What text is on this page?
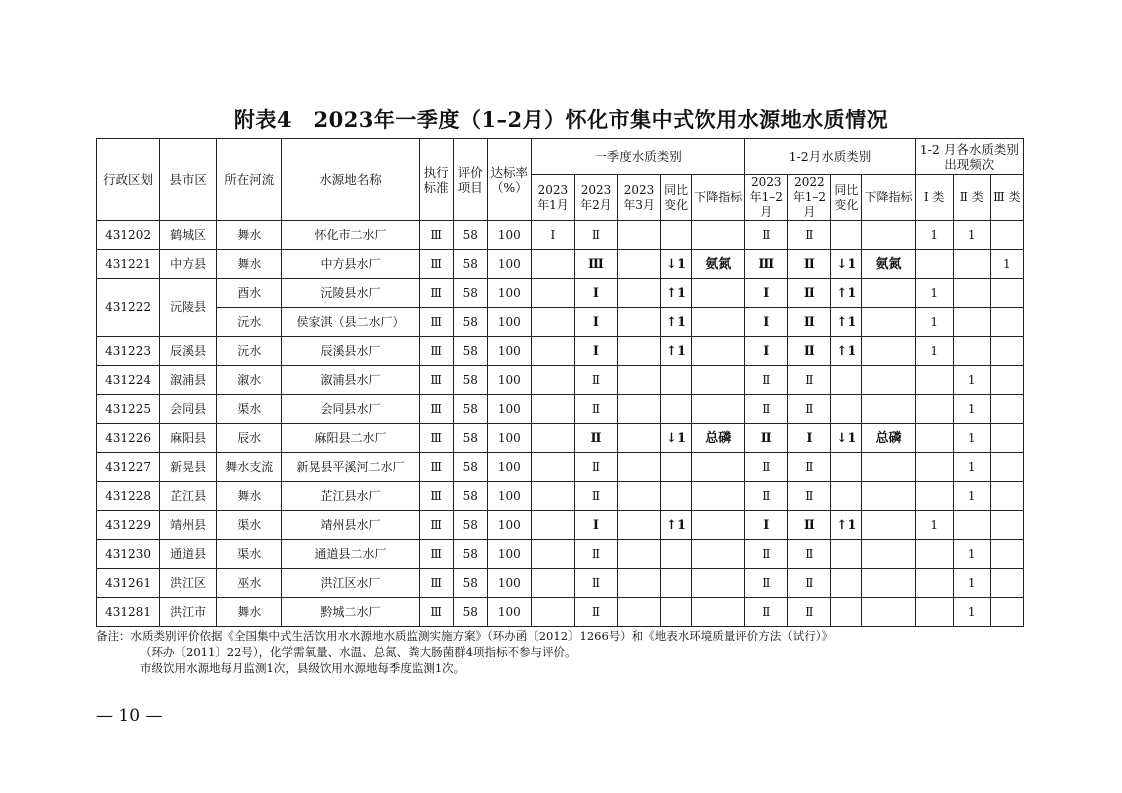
附表4　2023年一季度（1–2月）怀化市集中式饮用水源地水质情况
行政区划	县市区	所在河流	水源地名称	执行标准	评价项目	达标率（%）	一季度水质类别					1-2月水质类别				1-2 月各水质类别出现频次		
							2023 年1月	2023 年2月	2023 年3月	同比变化	下降指标	2023 年1–2 月	2022 年1–2 月	同比变化	下降指标	Ⅰ 类	Ⅱ 类	Ⅲ 类
431202	鹤城区	舞水	怀化市二水厂	Ⅲ	58	100	Ⅰ	Ⅱ				Ⅱ	Ⅱ			1	1	
431221	中方县	舞水	中方县水厂	Ⅲ	58	100		Ⅲ		↓1	氨氮	Ⅲ	Ⅱ	↓1	氨氮			1
431222	沅陵县	酉水	沅陵县水厂	Ⅲ	58	100		Ⅰ		↑1		Ⅰ	Ⅱ	↑1		1		
		沅水	侯家淇（县二水厂）	Ⅲ	58	100		Ⅰ		↑1		Ⅰ	Ⅱ	↑1		1		
431223	辰溪县	沅水	辰溪县水厂	Ⅲ	58	100		Ⅰ		↑1		Ⅰ	Ⅱ	↑1		1		
431224	溆浦县	溆水	溆浦县水厂	Ⅲ	58	100		Ⅱ				Ⅱ	Ⅱ				1	
431225	会同县	渠水	会同县水厂	Ⅲ	58	100		Ⅱ				Ⅱ	Ⅱ				1	
431226	麻阳县	辰水	麻阳县二水厂	Ⅲ	58	100		Ⅱ		↓1	总磷	Ⅱ	Ⅰ	↓1	总磷		1	
431227	新晃县	舞水支流	新晃县平溪河二水厂	Ⅲ	58	100		Ⅱ				Ⅱ	Ⅱ				1	
431228	芷江县	舞水	芷江县水厂	Ⅲ	58	100		Ⅱ				Ⅱ	Ⅱ				1	
431229	靖州县	渠水	靖州县水厂	Ⅲ	58	100		Ⅰ		↑1		Ⅰ	Ⅱ	↑1		1		
431230	通道县	渠水	通道县二水厂	Ⅲ	58	100		Ⅱ				Ⅱ	Ⅱ				1	
431261	洪江区	巫水	洪江区水厂	Ⅲ	58	100		Ⅱ				Ⅱ	Ⅱ				1	
431281	洪江市	舞水	黔城二水厂	Ⅲ	58	100		Ⅱ				Ⅱ	Ⅱ				1	
备注：水质类别评价依据《全国集中式生活饮用水水源地水质监测实施方案》（环办函〔2012〕1266号）和《地表水环境质量评价方法（试行）》
（环办〔2011〕22号），化学需氧量、水温、总氮、粪大肠菌群4项指标不参与评价。
市级饮用水源地每月监测1次，县级饮用水源地每季度监测1次。
— 10 —
